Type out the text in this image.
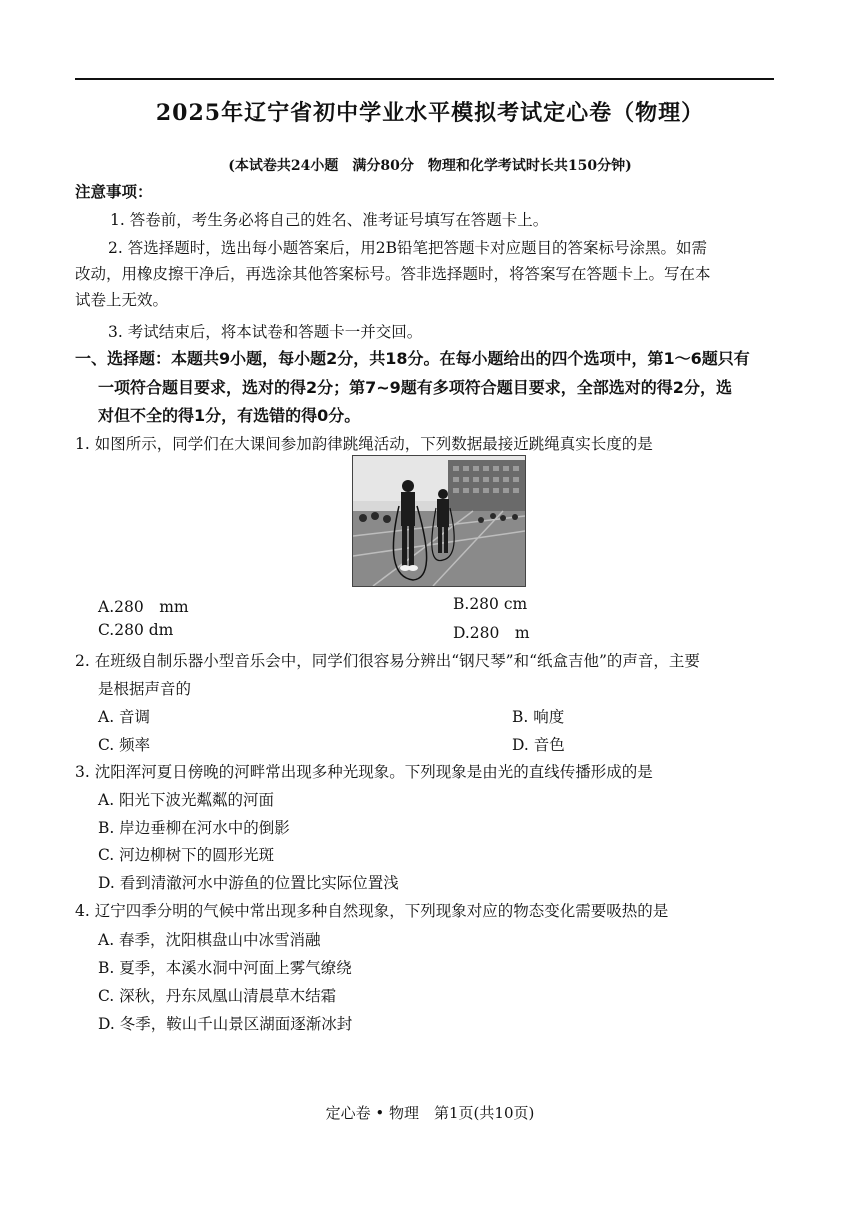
2025年辽宁省初中学业水平模拟考试定心卷（物理）
(本试卷共24小题　满分80分　物理和化学考试时长共150分钟)
注意事项：
1. 答卷前，考生务必将自己的姓名、准考证号填写在答题卡上。
2. 答选择题时，选出每小题答案后，用2B铅笔把答题卡对应题目的答案标号涂黑。如需
改动，用橡皮擦干净后，再选涂其他答案标号。答非选择题时，将答案写在答题卡上。写在本
试卷上无效。
3. 考试结束后，将本试卷和答题卡一并交回。
一、选择题：本题共9小题，每小题2分，共18分。在每小题给出的四个选项中，第1～6题只有
一项符合题目要求，选对的得2分；第7~9题有多项符合题目要求，全部选对的得2分，选
对但不全的得1分，有选错的得0分。
1. 如图所示，同学们在大课间参加韵律跳绳活动，下列数据最接近跳绳真实长度的是
A.280　mm	B.280 cm
C.280 dm	D.280　m
2. 在班级自制乐器小型音乐会中，同学们很容易分辨出“钢尺琴”和“纸盒吉他”的声音，主要
是根据声音的
A. 音调	B. 响度
C. 频率	D. 音色
3. 沈阳浑河夏日傍晚的河畔常出现多种光现象。下列现象是由光的直线传播形成的是
A. 阳光下波光粼粼的河面
B. 岸边垂柳在河水中的倒影
C. 河边柳树下的圆形光斑
D. 看到清澈河水中游鱼的位置比实际位置浅
4. 辽宁四季分明的气候中常出现多种自然现象，下列现象对应的物态变化需要吸热的是
A. 春季，沈阳棋盘山中冰雪消融
B. 夏季，本溪水洞中河面上雾气缭绕
C. 深秋，丹东凤凰山清晨草木结霜
D. 冬季，鞍山千山景区湖面逐渐冰封
定心卷 • 物理　第1页(共10页)
